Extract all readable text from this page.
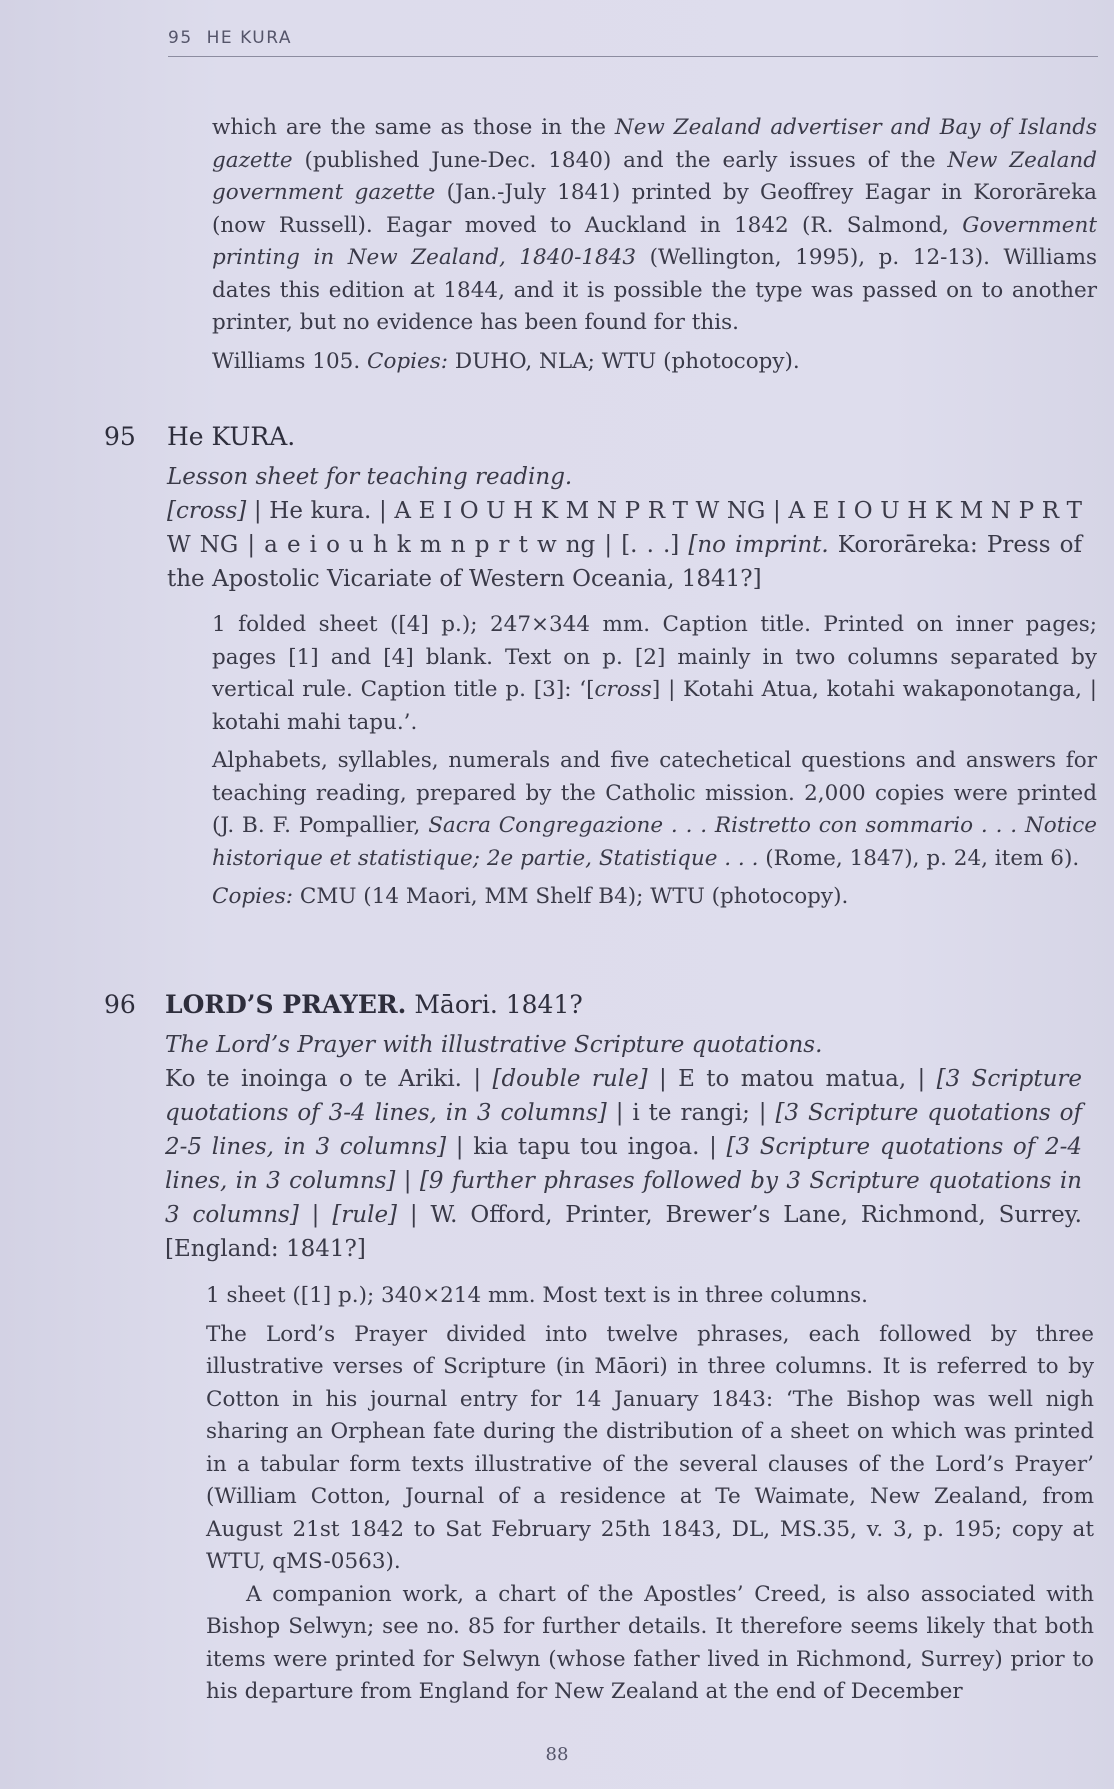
95 HE KURA

which are the same as those in the New Zealand advertiser and Bay of Islands gazette (published June-Dec. 1840) and the early issues of the New Zealand government gazette (Jan.-July 1841) printed by Geoffrey Eagar in Kororāreka (now Russell). Eagar moved to Auckland in 1842 (R. Salmond, Government printing in New Zealand, 1840-1843 (Wellington, 1995), p. 12-13). Williams dates this edition at 1844, and it is possible the type was passed on to another printer, but no evidence has been found for this.

Williams 105. Copies: DUHO, NLA; WTU (photocopy).

95 He KURA.
Lesson sheet for teaching reading.
[cross] | He kura. | A E I O U H K M N P R T W NG | A E I O U H K M N P R T W NG | a e i o u h k m n p r t w ng | [. . .] [no imprint. Kororāreka: Press of the Apostolic Vicariate of Western Oceania, 1841?]

1 folded sheet ([4] p.); 247×344 mm. Caption title. Printed on inner pages; pages [1] and [4] blank. Text on p. [2] mainly in two columns separated by vertical rule. Caption title p. [3]: ‘[cross] | Kotahi Atua, kotahi wakaponotanga, | kotahi mahi tapu.’.

Alphabets, syllables, numerals and five catechetical questions and answers for teaching reading, prepared by the Catholic mission. 2,000 copies were printed (J. B. F. Pompallier, Sacra Congregazione . . . Ristretto con sommario . . . Notice historique et statistique; 2e partie, Statistique . . . (Rome, 1847), p. 24, item 6).

Copies: CMU (14 Maori, MM Shelf B4); WTU (photocopy).

96 LORD’S PRAYER. Māori. 1841?
The Lord’s Prayer with illustrative Scripture quotations.
Ko te inoinga o te Ariki. | [double rule] | E to matou matua, | [3 Scripture quotations of 3-4 lines, in 3 columns] | i te rangi; | [3 Scripture quotations of 2-5 lines, in 3 columns] | kia tapu tou ingoa. | [3 Scripture quotations of 2-4 lines, in 3 columns] | [9 further phrases followed by 3 Scripture quotations in 3 columns] | [rule] | W. Offord, Printer, Brewer’s Lane, Richmond, Surrey. [England: 1841?]

1 sheet ([1] p.); 340×214 mm. Most text is in three columns.

The Lord’s Prayer divided into twelve phrases, each followed by three illustrative verses of Scripture (in Māori) in three columns. It is referred to by Cotton in his journal entry for 14 January 1843: ‘The Bishop was well nigh sharing an Orphean fate during the distribution of a sheet on which was printed in a tabular form texts illustrative of the several clauses of the Lord’s Prayer’ (William Cotton, Journal of a residence at Te Waimate, New Zealand, from August 21st 1842 to Sat February 25th 1843, DL, MS.35, v. 3, p. 195; copy at WTU, qMS-0563).

A companion work, a chart of the Apostles’ Creed, is also associated with Bishop Selwyn; see no. 85 for further details. It therefore seems likely that both items were printed for Selwyn (whose father lived in Richmond, Surrey) prior to his departure from England for New Zealand at the end of December

88
